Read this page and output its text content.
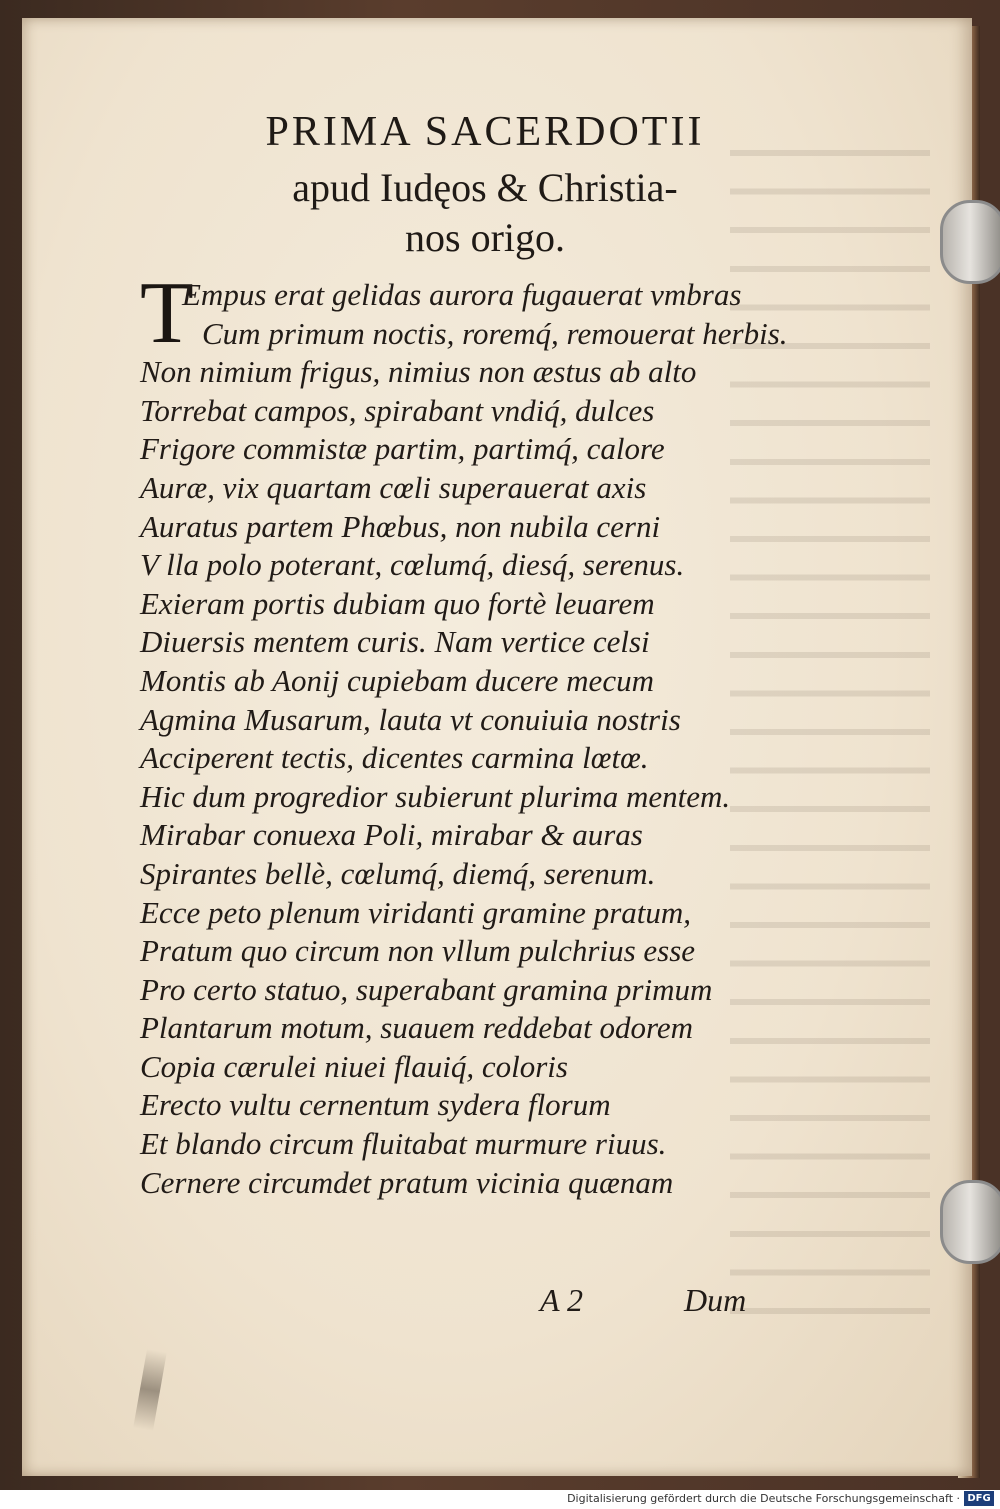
PRIMA SACERDOTII
apud Iudęos & Christia-
nos origo.
T
Empus erat gelidas aurora fugauerat vmbras
Cum primum noctis, roremq́, remouerat herbis.
Non nimium frigus, nimius non æstus ab alto
Torrebat campos, spirabant vndiq́, dulces
Frigore commistæ partim, partimq́, calore
Auræ, vix quartam cœli superauerat axis
Auratus partem Phœbus, non nubila cerni
V lla polo poterant, cœlumq́, diesq́, serenus.
Exieram portis dubiam quo fortè leuarem
Diuersis mentem curis. Nam vertice celsi
Montis ab Aonij cupiebam ducere mecum
Agmina Musarum, lauta vt conuiuia nostris
Acciperent tectis, dicentes carmina lœtœ.
Hic dum progredior subierunt plurima mentem.
Mirabar conuexa Poli, mirabar & auras
Spirantes bellè, cœlumq́, diemq́, serenum.
Ecce peto plenum viridanti gramine pratum,
Pratum quo circum non vllum pulchrius esse
Pro certo statuo, superabant gramina primum
Plantarum motum, suauem reddebat odorem
Copia cærulei niuei flauiq́, coloris
Erecto vultu cernentum sydera florum
Et blando circum fluitabat murmure riuus.
Cernere circumdet pratum vicinia quænam
A 2	Dum
Digitalisierung gefördert durch die Deutsche Forschungsgemeinschaft · DFG
